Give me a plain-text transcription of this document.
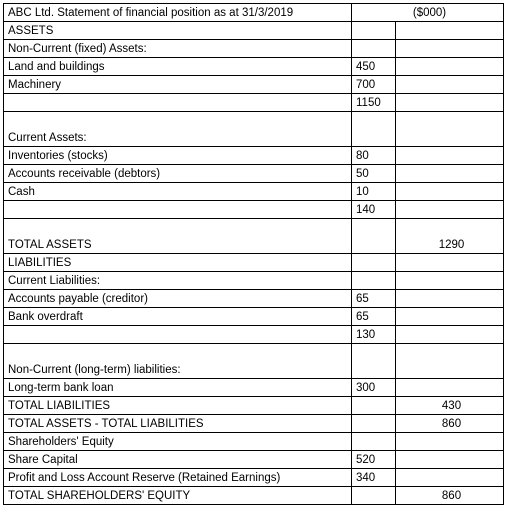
ABC Ltd. Statement of financial position as at 31/3/2019	($000)	
ASSETS		
Non-Current (fixed) Assets:		
Land and buildings	450	
Machinery	700	
	1150	
Current Assets:		
Inventories (stocks)	80	
Accounts receivable (debtors)	50	
Cash	10	
	140	
TOTAL ASSETS		1290
LIABILITIES		
Current Liabilities:		
Accounts payable (creditor)	65	
Bank overdraft	65	
	130	
Non-Current (long-term) liabilities:		
Long-term bank loan	300	
TOTAL LIABILITIES		430
TOTAL ASSETS - TOTAL LIABILITIES		860
Shareholders' Equity		
Share Capital	520	
Profit and Loss Account Reserve (Retained Earnings)	340	
TOTAL SHAREHOLDERS' EQUITY		860
